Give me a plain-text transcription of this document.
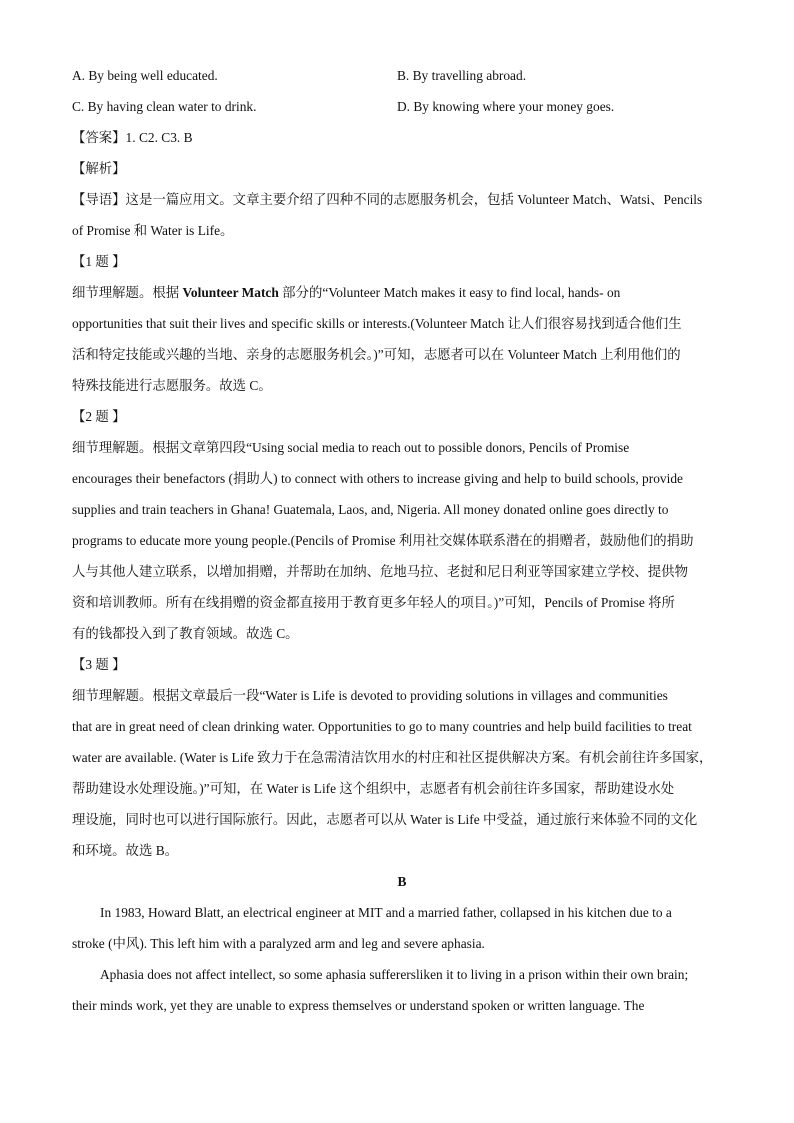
A. By being well educated.	B. By travelling abroad.
C. By having clean water to drink.	D. By knowing where your money goes.
【答案】1. C2. C3. B
【解析】
【导语】这是一篇应用文。文章主要介绍了四种不同的志愿服务机会，包括 Volunteer Match、Watsi、Pencils
of Promise 和 Water is Life。
【1 题 】
细节理解题。根据 Volunteer Match 部分的“Volunteer Match makes it easy to find local, hands- on
opportunities that suit their lives and specific skills or interests.(Volunteer Match 让人们很容易找到适合他们生
活和特定技能或兴趣的当地、亲身的志愿服务机会。)”可知，志愿者可以在 Volunteer Match 上利用他们的
特殊技能进行志愿服务。故选 C。
【2 题 】
细节理解题。根据文章第四段“Using social media to reach out to possible donors, Pencils of Promise
encourages their benefactors (捐助人) to connect with others to increase giving and help to build schools, provide
supplies and train teachers in Ghana! Guatemala, Laos, and, Nigeria. All money donated online goes directly to
programs to educate more young people.(Pencils of Promise 利用社交媒体联系潜在的捐赠者，鼓励他们的捐助
人与其他人建立联系，以增加捐赠，并帮助在加纳、危地马拉、老挝和尼日利亚等国家建立学校、提供物
资和培训教师。所有在线捐赠的资金都直接用于教育更多年轻人的项目。)”可知，Pencils of Promise 将所
有的钱都投入到了教育领域。故选 C。
【3 题 】
细节理解题。根据文章最后一段“Water is Life is devoted to providing solutions in villages and communities
that are in great need of clean drinking water. Opportunities to go to many countries and help build facilities to treat
water are available. (Water is Life 致力于在急需清洁饮用水的村庄和社区提供解决方案。有机会前往许多国家，
帮助建设水处理设施。)”可知，在 Water is Life 这个组织中，志愿者有机会前往许多国家，帮助建设水处
理设施，同时也可以进行国际旅行。因此，志愿者可以从 Water is Life 中受益，通过旅行来体验不同的文化
和环境。故选 B。
B
In 1983, Howard Blatt, an electrical engineer at MIT and a married father, collapsed in his kitchen due to a
stroke (中风). This left him with a paralyzed arm and leg and severe aphasia.
Aphasia does not affect intellect, so some aphasia sufferersliken it to living in a prison within their own brain;
their minds work, yet they are unable to express themselves or understand spoken or written language. The
